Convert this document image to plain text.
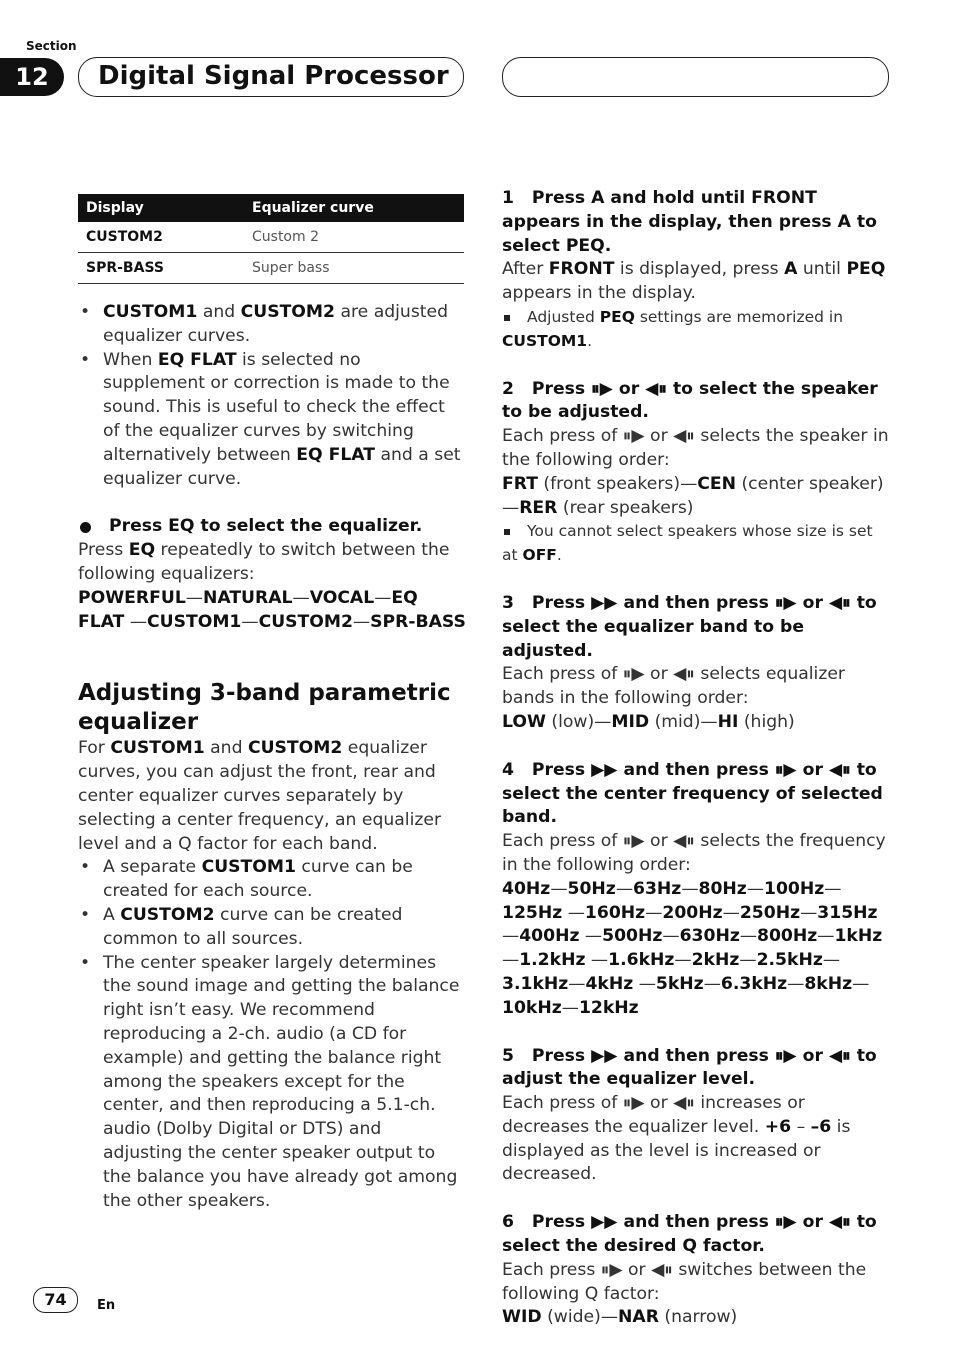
Section
12	Digital Signal Processor
Display	Equalizer curve
CUSTOM2	Custom 2
SPR-BASS	Super bass

• CUSTOM1 and CUSTOM2 are adjusted equalizer curves.

• When EQ FLAT is selected no supplement or correction is made to the sound. This is useful to check the effect of the equalizer curves by switching alternatively between EQ FLAT and a set equalizer curve.

Press EQ to select the equalizer.

Press EQ repeatedly to switch between the following equalizers:

POWERFUL—NATURAL—VOCAL—EQ FLAT —CUSTOM1—CUSTOM2—SPR-BASS

Adjusting 3-band parametric equalizer

For CUSTOM1 and CUSTOM2 equalizer curves, you can adjust the front, rear and center equalizer curves separately by selecting a center frequency, an equalizer level and a Q factor for each band.

• A separate CUSTOM1 curve can be created for each source.

• A CUSTOM2 curve can be created common to all sources.

• The center speaker largely determines the sound image and getting the balance right isn’t easy. We recommend reproducing a 2-ch. audio (a CD for example) and getting the balance right among the speakers except for the center, and then reproducing a 5.1-ch. audio (Dolby Digital or DTS) and adjusting the center speaker output to the balance you have already got among the other speakers.

1   Press A and hold until FRONT appears in the display, then press A to select PEQ.

After FRONT is displayed, press A until PEQ appears in the display.

Adjusted PEQ settings are memorized in
CUSTOM1.

2   Press ⏸︎▶ or ◀⏸︎ to select the speaker to be adjusted.

Each press of ⏸︎▶ or ◀⏸︎ selects the speaker in the following order:

FRT (front speakers)—CEN (center speaker) —RER (rear speakers)

You cannot select speakers whose size is set
at OFF.

3   Press ▶▶ and then press ⏸︎▶ or ◀⏸︎ to select the equalizer band to be adjusted.

Each press of ⏸︎▶ or ◀⏸︎ selects equalizer bands in the following order:

LOW (low)—MID (mid)—HI (high)

4   Press ▶▶ and then press ⏸︎▶ or ◀⏸︎ to select the center frequency of selected band.

Each press of ⏸︎▶ or ◀⏸︎ selects the frequency in the following order:

40Hz—50Hz—63Hz—80Hz—100Hz—125Hz —160Hz—200Hz—250Hz—315Hz—400Hz —500Hz—630Hz—800Hz—1kHz—1.2kHz —1.6kHz—2kHz—2.5kHz—3.1kHz—4kHz —5kHz—6.3kHz—8kHz—10kHz—12kHz

5   Press ▶▶ and then press ⏸︎▶ or ◀⏸︎ to adjust the equalizer level.

Each press of ⏸︎▶ or ◀⏸︎ increases or decreases the equalizer level. +6 – –6 is displayed as the level is increased or decreased.

6   Press ▶▶ and then press ⏸︎▶ or ◀⏸︎ to select the desired Q factor.

Each press ⏸︎▶ or ◀⏸︎ switches between the following Q factor:

WID (wide)—NAR (narrow)

74	En
